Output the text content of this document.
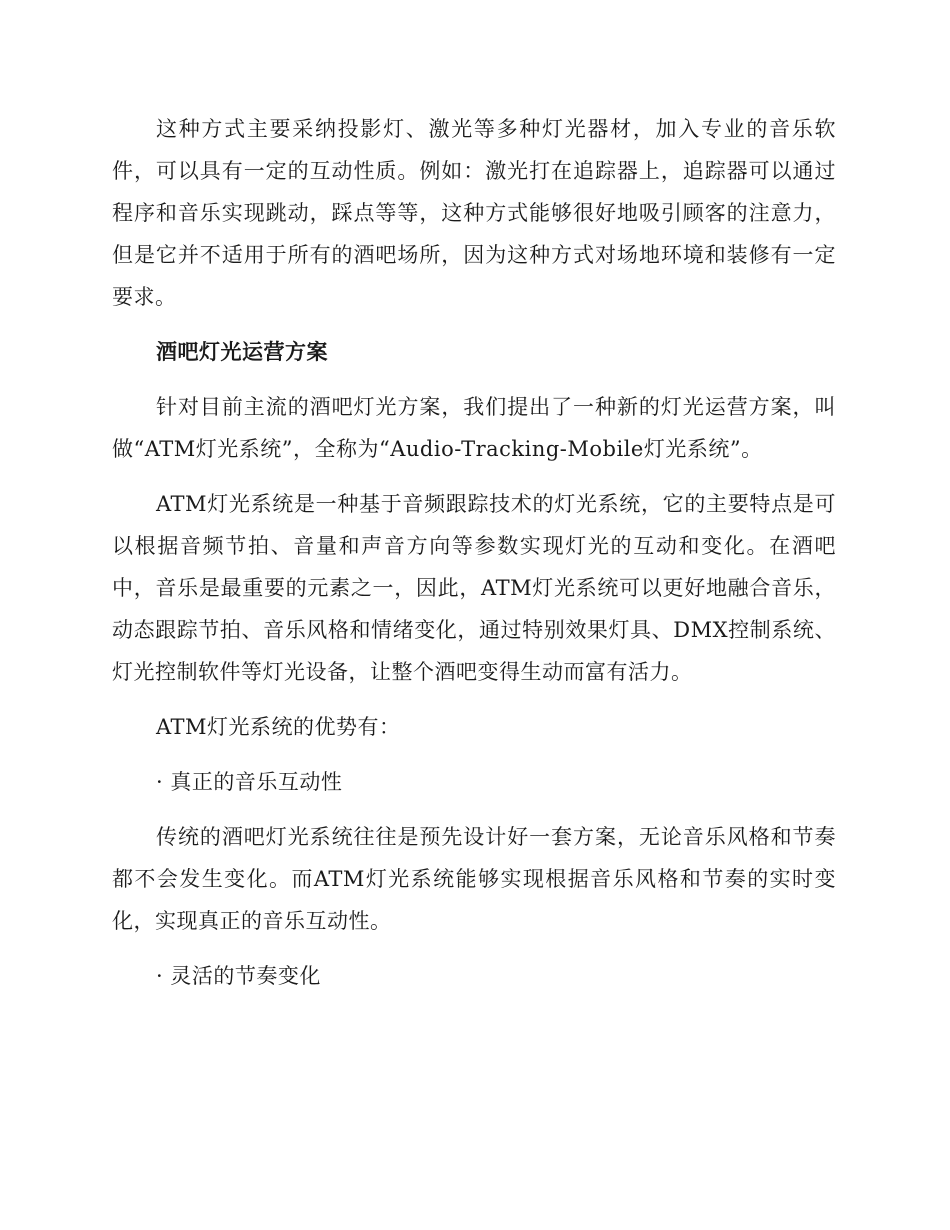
这种方式主要采纳投影灯、激光等多种灯光器材，加入专业的音乐软件，可以具有一定的互动性质。例如：激光打在追踪器上，追踪器可以通过程序和音乐实现跳动，踩点等等，这种方式能够很好地吸引顾客的注意力，但是它并不适用于所有的酒吧场所，因为这种方式对场地环境和装修有一定要求。

酒吧灯光运营方案

针对目前主流的酒吧灯光方案，我们提出了一种新的灯光运营方案，叫做“ATM灯光系统”，全称为“Audio-Tracking-Mobile灯光系统”。

ATM灯光系统是一种基于音频跟踪技术的灯光系统，它的主要特点是可以根据音频节拍、音量和声音方向等参数实现灯光的互动和变化。在酒吧中，音乐是最重要的元素之一，因此，ATM灯光系统可以更好地融合音乐，动态跟踪节拍、音乐风格和情绪变化，通过特别效果灯具、DMX控制系统、灯光控制软件等灯光设备，让整个酒吧变得生动而富有活力。

ATM灯光系统的优势有：

· 真正的音乐互动性

传统的酒吧灯光系统往往是预先设计好一套方案，无论音乐风格和节奏都不会发生变化。而ATM灯光系统能够实现根据音乐风格和节奏的实时变化，实现真正的音乐互动性。

· 灵活的节奏变化
